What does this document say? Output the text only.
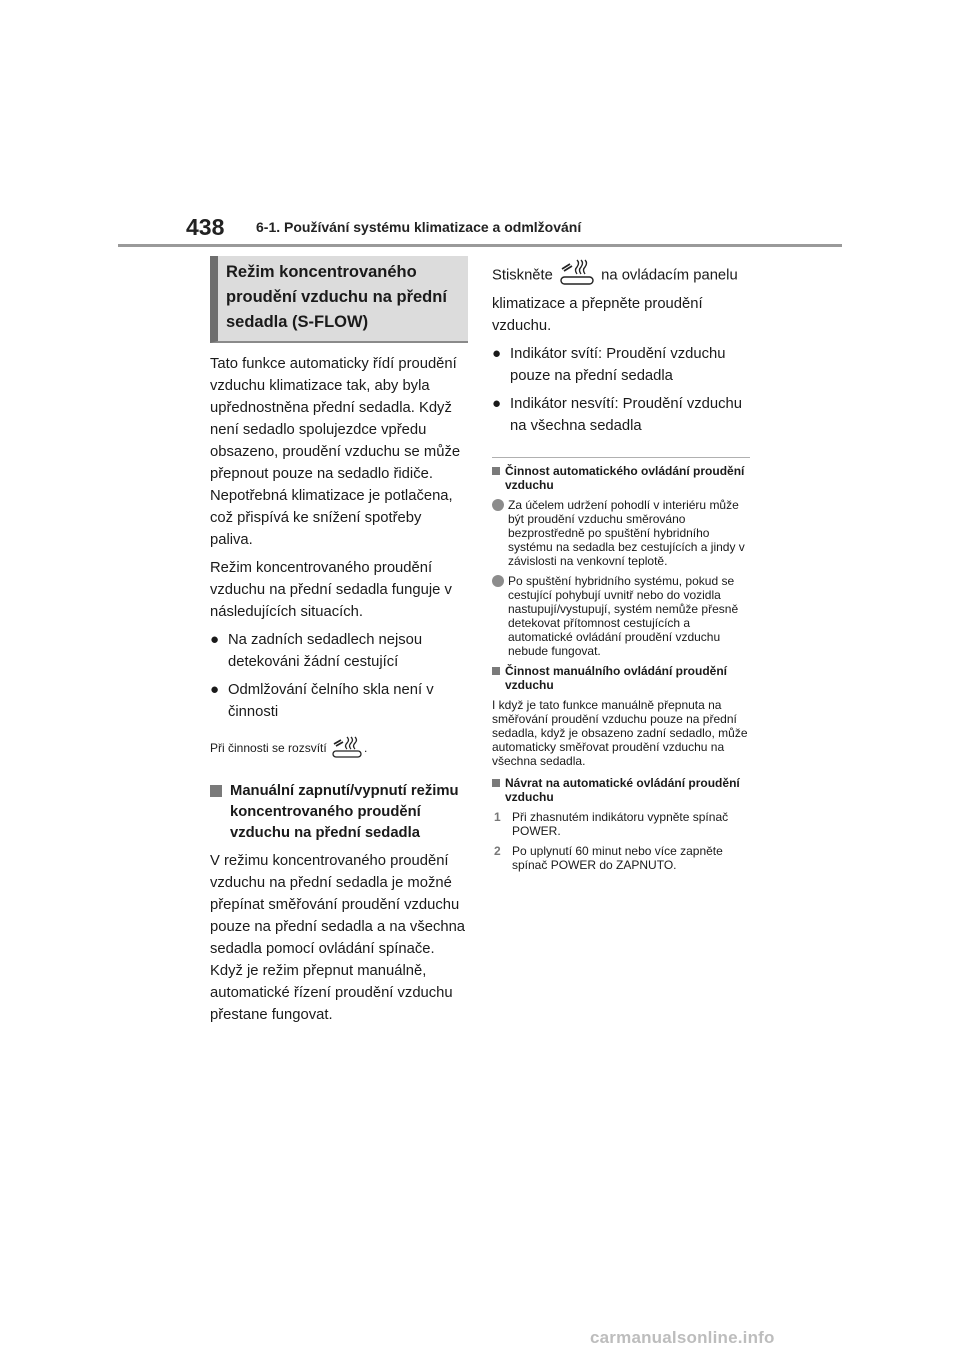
438 6-1. Používání systému klimatizace a odmlžování
Režim koncentrovaného proudění vzduchu na přední sedadla (S-FLOW)

Tato funkce automaticky řídí proudění vzduchu klimatizace tak, aby byla upřednostněna přední sedadla. Když není sedadlo spolujezdce vpředu obsazeno, proudění vzduchu se může přepnout pouze na sedadlo řidiče. Nepotřebná klimatizace je potlačena, což přispívá ke snížení spotřeby paliva.

Režim koncentrovaného proudění vzduchu na přední sedadla funguje v následujících situacích.

● Na zadních sedadlech nejsou detekováni žádní cestující
● Odmlžování čelního skla není v činnosti
Při činnosti se rozsvítí	.
Manuální zapnutí/vypnutí režimu koncentrovaného proudění vzduchu na přední sedadla

V režimu koncentrovaného proudění vzduchu na přední sedadla je možné přepínat směřování proudění vzduchu pouze na přední sedadla a na všechna sedadla pomocí ovládání spínače. Když je režim přepnut manuálně, automatické řízení proudění vzduchu přestane fungovat.

Stiskněte	na ovládacím panelu klimatizace a přepněte proudění vzduchu.

● Indikátor svítí: Proudění vzduchu pouze na přední sedadla
● Indikátor nesvítí: Proudění vzduchu na všechna sedadla
Činnost automatického ovládání proudění vzduchu
Za účelem udržení pohodlí v interiéru může být proudění vzduchu směrováno bezprostředně po spuštění hybridního systému na sedadla bez cestujících a jindy v závislosti na venkovní teplotě.
Po spuštění hybridního systému, pokud se cestující pohybují uvnitř nebo do vozidla nastupují/vystupují, systém nemůže přesně detekovat přítomnost cestujících a automatické ovládání proudění vzduchu nebude fungovat.
Činnost manuálního ovládání proudění vzduchu
I když je tato funkce manuálně přepnuta na směřování proudění vzduchu pouze na přední sedadla, když je obsazeno zadní sedadlo, může automaticky směřovat proudění vzduchu na všechna sedadla.
Návrat na automatické ovládání proudění vzduchu
1 Při zhasnutém indikátoru vypněte spínač POWER.
2 Po uplynutí 60 minut nebo více zapněte spínač POWER do ZAPNUTO.
carmanualsonline.info
